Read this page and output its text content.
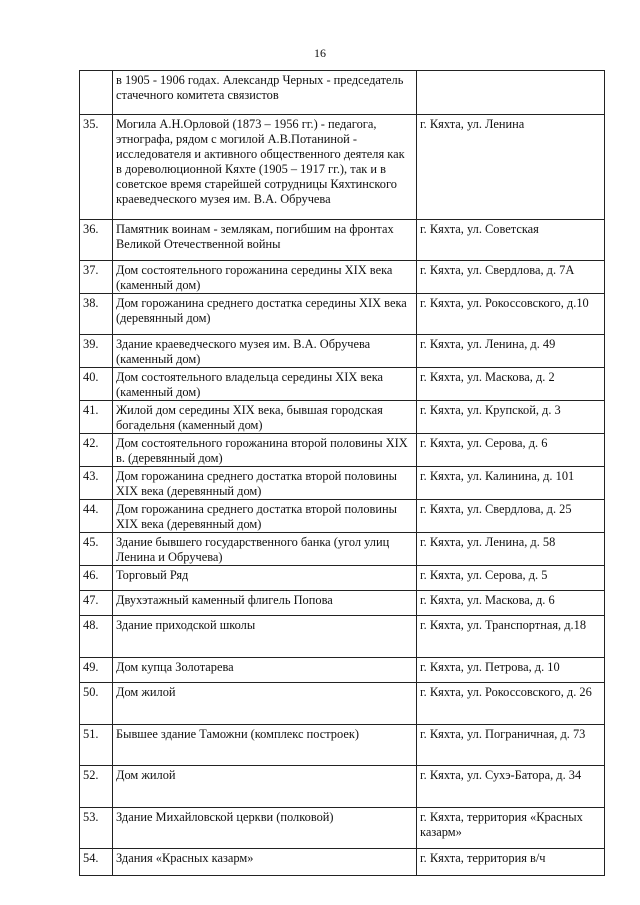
16
	в 1905 - 1906 годах. Александр Черных - председатель стачечного комитета связистов	
35.	Могила А.Н.Орловой (1873 – 1956 гг.) - педагога, этнографа, рядом с могилой А.В.Потаниной - исследователя и активного общественного деятеля как в дореволюционной Кяхте (1905 – 1917 гг.), так и в советское время старейшей сотрудницы Кяхтинского краеведческого музея им. В.А. Обручева	г. Кяхта, ул. Ленина
36.	Памятник воинам - землякам, погибшим на фронтах Великой Отечественной войны	г. Кяхта, ул. Советская
37.	Дом состоятельного горожанина середины XIX века (каменный дом)	г. Кяхта, ул. Свердлова, д. 7А
38.	Дом горожанина среднего достатка середины XIX века (деревянный дом)	г. Кяхта, ул. Рокоссовского, д.10
39.	Здание краеведческого музея им. В.А. Обручева (каменный дом)	г. Кяхта, ул. Ленина, д. 49
40.	Дом состоятельного владельца середины XIX века (каменный дом)	г. Кяхта, ул. Маскова, д. 2
41.	Жилой дом середины XIX века, бывшая городская богадельня (каменный дом)	г. Кяхта, ул. Крупской, д. 3
42.	Дом состоятельного горожанина второй половины XIX в. (деревянный дом)	г. Кяхта, ул. Серова, д. 6
43.	Дом горожанина среднего достатка второй половины XIX века (деревянный дом)	г. Кяхта, ул. Калинина, д. 101
44.	Дом горожанина среднего достатка второй половины XIX века (деревянный дом)	г. Кяхта, ул. Свердлова, д. 25
45.	Здание бывшего государственного банка (угол улиц Ленина и Обручева)	г. Кяхта, ул. Ленина, д. 58
46.	Торговый Ряд	г. Кяхта, ул. Серова, д. 5
47.	Двухэтажный каменный флигель Попова	г. Кяхта, ул. Маскова, д. 6
48.	Здание приходской школы	г. Кяхта, ул. Транспортная, д.18
49.	Дом купца Золотарева	г. Кяхта, ул. Петрова, д. 10
50.	Дом жилой	г. Кяхта, ул. Рокоссовского, д. 26
51.	Бывшее здание Таможни (комплекс построек)	г. Кяхта, ул. Пограничная, д. 73
52.	Дом жилой	г. Кяхта, ул. Сухэ-Батора, д. 34
53.	Здание Михайловской церкви (полковой)	г. Кяхта, территория «Красных казарм»
54.	Здания «Красных казарм»	г. Кяхта, территория в/ч
